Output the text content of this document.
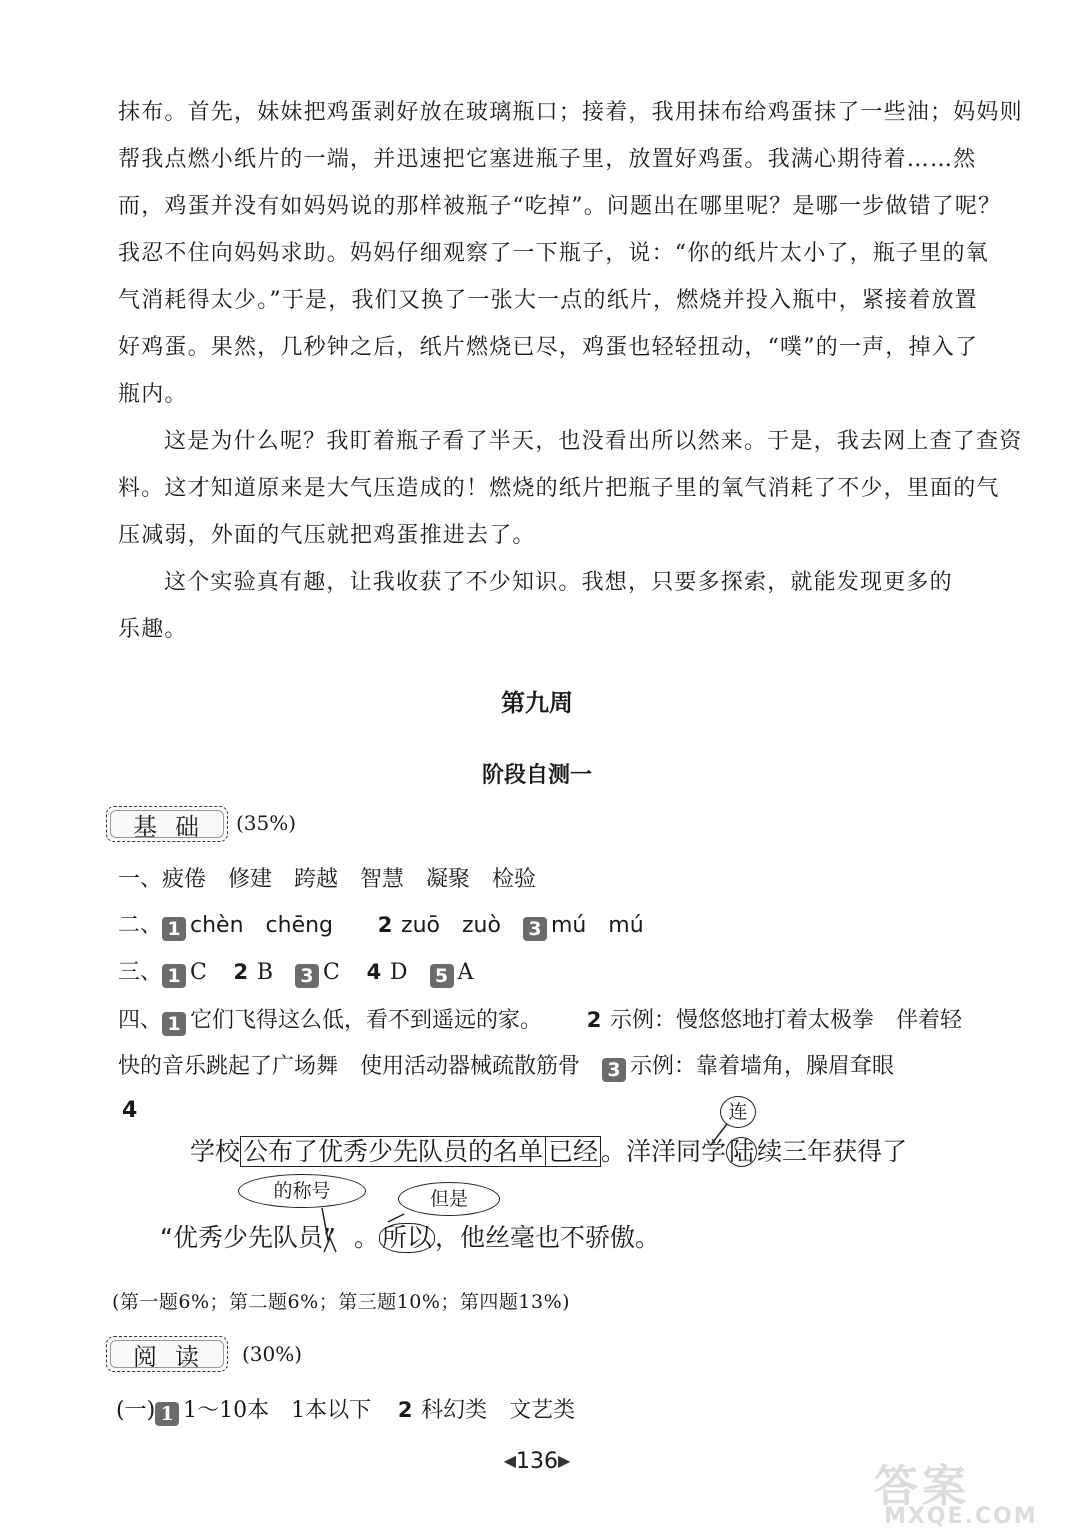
抹布。首先，妹妹把鸡蛋剥好放在玻璃瓶口；接着，我用抹布给鸡蛋抹了一些油；妈妈则
帮我点燃小纸片的一端，并迅速把它塞进瓶子里，放置好鸡蛋。我满心期待着……然
而，鸡蛋并没有如妈妈说的那样被瓶子“吃掉”。问题出在哪里呢？是哪一步做错了呢？
我忍不住向妈妈求助。妈妈仔细观察了一下瓶子，说：“你的纸片太小了，瓶子里的氧
气消耗得太少。”于是，我们又换了一张大一点的纸片，燃烧并投入瓶中，紧接着放置
好鸡蛋。果然，几秒钟之后，纸片燃烧已尽，鸡蛋也轻轻扭动，“噗”的一声，掉入了
瓶内。
这是为什么呢？我盯着瓶子看了半天，也没看出所以然来。于是，我去网上查了查资
料。这才知道原来是大气压造成的！燃烧的纸片把瓶子里的氧气消耗了不少，里面的气
压减弱，外面的气压就把鸡蛋推进去了。
这个实验真有趣，让我收获了不少知识。我想，只要多探索，就能发现更多的
乐趣。
第九周
阶段自测一
基础 (35%)
一、疲倦　修建　跨越　智慧　凝聚　检验
二、 1 chèn　chēng 2 zuō　zuò 3 mú　mú
三、 1 C 2 B 3 C 4 D 5 A
四、 1 它们飞得这么低，看不到遥远的家。 2 示例：慢悠悠地打着太极拳　伴着轻
快的音乐跳起了广场舞　使用活动器械疏散筋骨 3 示例：靠着墙角，臊眉耷眼
4	连
学校 公布了优秀少先队员的名单 已经 。洋洋同学 陆 续三年获得了
的称号	但是
“优秀少先队员” 。 所以 ，他丝毫也不骄傲。
(第一题6%；第二题6%；第三题10%；第四题13%)
阅读	(30%)
(一) 1 1～10本　1本以下 2 科幻类　文艺类
◀136▶
答案
MXQE.COM
